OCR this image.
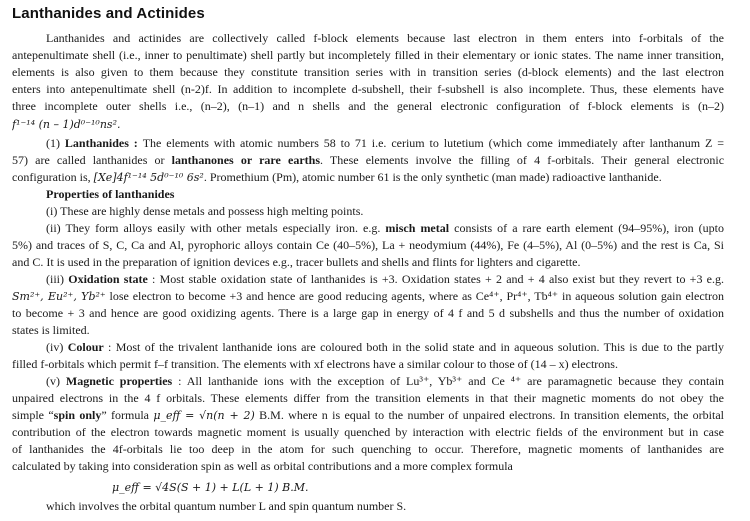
Lanthanides and Actinides
Lanthanides and actinides are collectively called f-block elements because last electron in them enters into f-orbitals of the
antepenultimate shell (i.e., inner to penultimate) shell partly but incompletely filled in their elementary or ionic states. The name inner transition,
elements is also given to them because they constitute transition series with in transition series (d-block elements) and the last electron
enters into antepenultimate shell (n-2)f. In addition to incomplete d-subshell, their f-subshell is also incomplete. Thus, these elements have
three incomplete outer shells i.e., (n–2), (n–1) and n shells and the general electronic configuration of f-block elements is (n–2)
f¹⁻¹⁴ (n – 1)d⁰⁻¹⁰ns².
(1) Lanthanides : The elements with atomic numbers 58 to 71 i.e. cerium to lutetium (which come immediately after lanthanum Z =
57) are called lanthanides or lanthanones or rare earths. These elements involve the filling of 4 f-orbitals. Their general electronic
configuration is, [Xe]4f¹⁻¹⁴ 5d⁰⁻¹⁰ 6s². Promethium (Pm), atomic number 61 is the only synthetic (man made) radioactive lanthanide.
Properties of lanthanides
(i) These are highly dense metals and possess high melting points.
(ii) They form alloys easily with other metals especially iron. e.g. misch metal consists of a rare earth element (94–95%), iron (upto
5%) and traces of S, C, Ca and Al, pyrophoric alloys contain Ce (40–5%), La + neodymium (44%), Fe (4–5%), Al (0–5%) and the rest is Ca, Si
and C. It is used in the preparation of ignition devices e.g., tracer bullets and shells and flints for lighters and cigarette.
(iii) Oxidation state : Most stable oxidation state of lanthanides is +3. Oxidation states + 2 and + 4 also exist but they revert to +3 e.g.
Sm²⁺, Eu²⁺, Yb²⁺ lose electron to become +3 and hence are good reducing agents, where as Ce⁴⁺, Pr⁴⁺, Tb⁴⁺ in aqueous solution gain electron
to become + 3 and hence are good oxidizing agents. There is a large gap in energy of 4 f and 5 d subshells and thus the number of oxidation
states is limited.
(iv) Colour : Most of the trivalent lanthanide ions are coloured both in the solid state and in aqueous solution. This is due to the partly
filled f-orbitals which permit f–f transition. The elements with xf electrons have a similar colour to those of (14 – x) electrons.
(v) Magnetic properties : All lanthanide ions with the exception of Lu³⁺, Yb³⁺ and Ce ⁴⁺ are paramagnetic because they contain
unpaired electrons in the 4 f orbitals. These elements differ from the transition elements in that their magnetic moments do not obey the
simple “spin only” formula μ_eff = √n(n + 2) B.M. where n is equal to the number of unpaired electrons. In transition elements, the orbital
contribution of the electron towards magnetic moment is usually quenched by interaction with electric fields of the environment but in case
of lanthanides the 4f-orbitals lie too deep in the atom for such quenching to occur. Therefore, magnetic moments of lanthanides are
calculated by taking into consideration spin as well as orbital contributions and a more complex formula
μ_eff = √4S(S + 1) + L(L + 1) B.M.
which involves the orbital quantum number L and spin quantum number S.
